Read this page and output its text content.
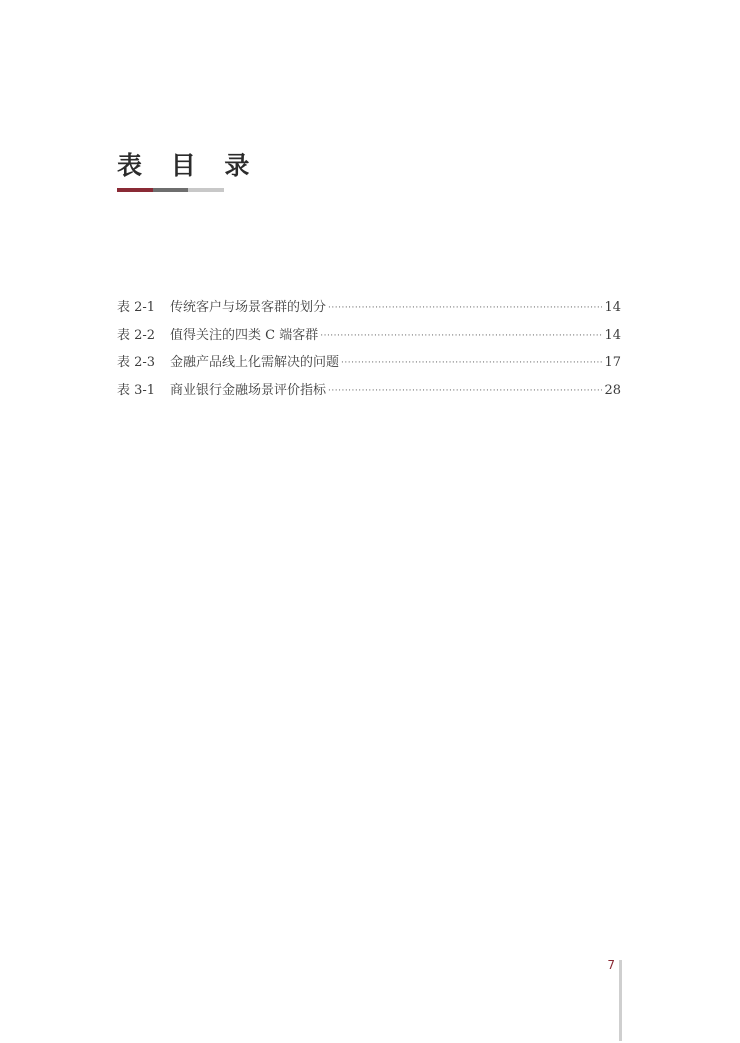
表 目 录
表 2-1	传统客户与场景客群的划分 ·····	14
表 2-2	值得关注的四类 C 端客群 ·····	14
表 2-3	金融产品线上化需解决的问题 ·····	17
表 3-1	商业银行金融场景评价指标 ·····	28
7
